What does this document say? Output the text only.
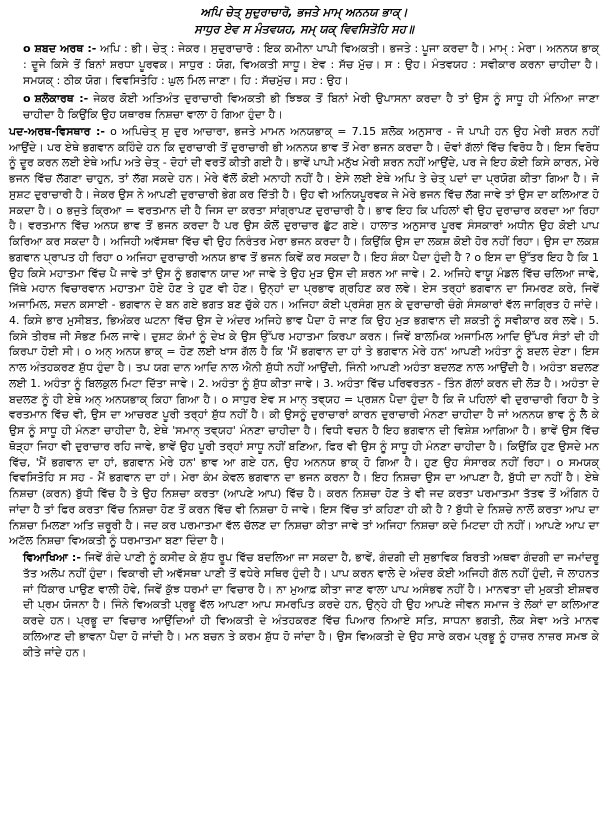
ਅਪਿ ਚੇਤ੍ ਸੁਦੁਰਾਚਾਰੋ, ਭਜਤੇ ਮਾਮ੍ ਅਨਨਯ ਭਾਕ੍।

ਸਾਧੁਰ ਏਵ ਸ ਮੰਤਵਯਹ, ਸਮ੍ ਯਕ੍ ਵਿਵਸਿਤੋਹਿ ਸਹ॥

o ਸ਼ਬਦ ਅਰਥ :- ਅਪਿ : ਭੀ। ਚੇਤ੍ : ਜੇਕਰ। ਸੁਦੁਰਾਚਾਰੋ : ਇਕ ਕਮੀਨਾ ਪਾਪੀ ਵਿਅਕਤੀ। ਭਜਤੇ : ਪੂਜਾ ਕਰਦਾ ਹੈ। ਮਾਮ੍ : ਮੇਰਾ। ਅਨਨਯ ਭਾਕ੍ : ਦੂਜੇ ਕਿਸੇ ਤੋਂ ਬਿਨਾਂ ਸ਼ਰਧਾ ਪੂਰਵਕ। ਸਾਧੁਰ : ਯੋਗ, ਵਿਅਕਤੀ ਸਾਧੂ। ਏਵ : ਸੱਚ ਮੁੱਚ। ਸ : ਉਹ। ਮੰਤਵਯਹ : ਸਵੀਕਾਰ ਕਰਨਾ ਚਾਹੀਦਾ ਹੈ। ਸਮਯਕ੍ : ਠੀਕ ਯੋਗ। ਵਿਵਸਿਤੋਹਿ : ਘੁਲ ਮਿਲ ਜਾਣਾ। ਹਿ : ਸੱਚਮੁੱਚ। ਸਹ : ਉਹ।

o ਸ਼ਲੋਕਾਰਥ :- ਜੇਕਰ ਕੋਈ ਅਤਿਅੰਤ ਦੁਰਾਚਾਰੀ ਵਿਅਕਤੀ ਭੀ ਝਿਝਕ ਤੋਂ ਬਿਨਾਂ ਮੇਰੀ ਉਪਾਸਨਾ ਕਰਦਾ ਹੈ ਤਾਂ ਉਸ ਨੂੰ ਸਾਧੂ ਹੀ ਮੰਨਿਆ ਜਾਣਾ ਚਾਹੀਦਾ ਹੈ ਕਿਉਂਕਿ ਉਹ ਯਥਾਰਥ ਨਿਸ਼ਚਾ ਵਾਲਾ ਹੋ ਗਿਆ ਹੁੰਦਾ ਹੈ।

ਪਦ-ਅਰਥ-ਵਿਸਥਾਰ :- o ਅਪਿਚੇਤ੍ ਸੁ ਦੁਰ ਆਚਾਰਾ, ਭਜਤੇ ਮਾਮਨ ਅਨਯਭਾਕ੍ = 7.15 ਸ਼ਲੋਕ ਅਨੁਸਾਰ - ਜੋ ਪਾਪੀ ਹਨ ਉਹ ਮੇਰੀ ਸ਼ਰਨ ਨਹੀਂ ਆਉਂਦੇ। ਪਰ ਏਥੇ ਭਗਵਾਨ ਕਹਿੰਦੇ ਹਨ ਕਿ ਦੁਰਾਚਾਰੀ ਤੋਂ ਦੁਰਾਚਾਰੀ ਭੀ ਅਨਨਯ ਭਾਵ ਤੋਂ ਮੇਰਾ ਭਜਨ ਕਰਦਾ ਹੈ। ਦੋਵਾਂ ਗੱਲਾਂ ਵਿੱਚ ਵਿਰੋਧ ਹੈ। ਇਸ ਵਿਰੋਧ ਨੂੰ ਦੂਰ ਕਰਨ ਲਈ ਏਥੇ ਅਪਿ ਅਤੇ ਚੇਤ੍ - ਦੋਹਾਂ ਦੀ ਵਰਤੋਂ ਕੀਤੀ ਗਈ ਹੈ। ਭਾਵੇਂ ਪਾਪੀ ਮਨੁੱਖ ਮੇਰੀ ਸ਼ਰਨ ਨਹੀਂ ਆਉਂਦੇ, ਪਰ ਜੇ ਇਹ ਕੋਈ ਕਿਸੇ ਕਾਰਨ, ਮੇਰੇ ਭਜਨ ਵਿੱਚ ਲੱਗਣਾ ਚਾਹੁਨ, ਤਾਂ ਲੱਗ ਸਕਦੇ ਹਨ। ਮੇਰੇ ਵੱਲੋਂ ਕੋਈ ਮਨਾਹੀ ਨਹੀਂ ਹੈ। ਏਸੇ ਲਈ ਏਥੇ ਅਪਿ ਤੇ ਚੇਤ੍ ਪਦਾਂ ਦਾ ਪ੍ਰਯੋਗ ਕੀਤਾ ਗਿਆ ਹੈ। ਜੋ ਸੁਸ਼ਟ ਦੁਰਾਚਾਰੀ ਹੈ। ਜੇਕਰ ਉਸ ਨੇ ਆਪਣੀ ਦੁਰਾਚਾਰੀ ਭੇਗ ਕਰ ਦਿੱਤੀ ਹੈ। ਉਹ ਵੀ ਅਨਿਯਪੂਰਵਕ ਜੇ ਮੇਰੇ ਭਜਨ ਵਿੱਚ ਲੱਗ ਜਾਵੇ ਤਾਂ ਉਸ ਦਾ ਕਲਿਆਣ ਹੋ ਸਕਦਾ ਹੈ। o ਭਜੁਤੇ ਕ੍ਰਿਆ = ਵਰਤਮਾਨ ਦੀ ਹੈ ਜਿਸ ਦਾ ਕਰਤਾ ਸਾਂਗ੍ਰਾਪਣ ਦੁਰਾਚਾਰੀ ਹੈ। ਭਾਵ ਇਹ ਕਿ ਪਹਿਲਾਂ ਵੀ ਉਹ ਦੁਰਾਚਾਰ ਕਰਦਾ ਆ ਰਿਹਾ ਹੈ। ਵਰਤਮਾਨ ਵਿੱਚ ਅਨਯ ਭਾਵ ਤੋਂ ਭਜਨ ਕਰਦਾ ਹੈ ਪਰ ਉਸ ਕੋਲੋਂ ਦੁਰਾਚਾਰ ਛੁੱਟ ਗਏ। ਹਾਲਾਤ ਅਨੁਸਾਰ ਪੂਰਵ ਸੰਸਕਾਰਾਂ ਅਧੀਨ ਉਹ ਕੋਈ ਪਾਪ ਕਿਰਿਆ ਕਰ ਸਕਦਾ ਹੈ। ਅਜਿਹੀ ਅਵੱਸਥਾ ਵਿੱਚ ਵੀ ਉਹ ਨਿਰੰਤਰ ਮੇਰਾ ਭਜਨ ਕਰਦਾ ਹੈ। ਕਿਉਂਕਿ ਉਸ ਦਾ ਲਕਸ਼ ਕੋਈ ਹੋਰ ਨਹੀਂ ਰਿਹਾ। ਉਸ ਦਾ ਲਕਸ਼ ਭਗਵਾਨ ਪ੍ਰਾਪਤ ਹੀ ਰਿਹਾ o ਅਜਿਹਾ ਦੁਰਾਚਾਰੀ ਅਨਯ ਭਾਵ ਤੋਂ ਭਜਨ ਕਿਵੇਂ ਕਰ ਸਕਦਾ ਹੈ। ਇਹ ਸ਼ੰਕਾ ਪੈਦਾ ਹੁੰਦੀ ਹੈ ? o ਇਸ ਦਾ ਉੱਤਰ ਇਹ ਹੈ ਕਿ 1 ਉਹ ਕਿਸੇ ਮਹਾਤਮਾ ਵਿੱਚ ਪੈ ਜਾਵੇ ਤਾਂ ਉਸ ਨੂੰ ਭਗਵਾਨ ਯਾਦ ਆ ਜਾਵੇ ਤੇ ਉਹ ਮੁੜ ਉਸ ਦੀ ਸ਼ਰਨ ਆ ਜਾਵੇ। 2. ਅਜਿਹੇ ਵਾਯੂ ਮੰਡਲ ਵਿੱਚ ਚਲਿਆ ਜਾਵੇ, ਜਿੱਥੇ ਮਹਾਨ ਵਿਚਾਰਵਾਨ ਮਹਾਤਮਾ ਹੋਏ ਹੋਣ ਤੇ ਹੁਣ ਵੀ ਹੋਣ। ਉਨ੍ਹਾਂ ਦਾ ਪ੍ਰਭਾਵ ਗ੍ਰਹਿਣ ਕਰ ਲਵੇ। ਏਸ ਤਰ੍ਹਾਂ ਭਗਵਾਨ ਦਾ ਸਿਮਰਣ ਕਰੇ, ਜਿਵੇਂ ਅਜਾਮਿਲ, ਸਦਨ ਕਸਾਈ - ਭਗਵਾਨ ਦੇ ਬਨ ਗਏ ਭਗਤ ਬਣ ਚੁੱਕੇ ਹਨ। ਅਜਿਹਾ ਕੋਈ ਪ੍ਰਸੰਗ ਸੁਨ ਕੇ ਦੁਰਾਚਾਰੀ ਚੰਗੇ ਸੰਸਕਾਰਾਂ ਵੱਲ ਜਾਗ੍ਰਿਤ ਹੋ ਜਾਂਦੇ। 4. ਕਿਸੇ ਭਾਰ ਮੁਸੀਬਤ, ਭਿਅੰਕਰ ਘਟਨਾ ਵਿੱਚ ਉਸ ਦੇ ਅੰਦਰ ਅਜਿਹੇ ਭਾਵ ਪੈਦਾ ਹੋ ਜਾਣ ਕਿ ਉਹ ਮੁੜ ਭਗਵਾਨ ਦੀ ਸ਼ਕਤੀ ਨੂੰ ਸਵੀਕਾਰ ਕਰ ਲਵੇ। 5. ਕਿਸੇ ਤੀਰਥ ਜੀ ਸੋਭਣ ਮਿਲ ਜਾਵੇ। ਦੁਸ਼ਟ ਕੰਮਾਂ ਨੂੰ ਦੇਖ ਕੇ ਉਸ ਉੱਪਰ ਮਹਾਤਮਾ ਕਿਰਪਾ ਕਰਨ। ਜਿਵੇਂ ਬਾਲਮਿਕ ਅਜਾਮਿਲ ਆਦਿ ਉੱਪਰ ਸੰਤਾਂ ਦੀ ਹੀ ਕਿਰਪਾ ਹੋਈ ਸੀ। o ਅਨ੍ ਅਨਯ ਭਾਕ੍ = ਹੋਣ ਲਈ ਖਾਸ ਗੱਲ ਹੈ ਕਿ 'ਮੈਂ ਭਗਵਾਨ ਦਾ ਹਾਂ ਤੇ ਭਗਵਾਨ ਮੇਰੇ ਹਨ' ਆਪਣੀ ਅਹੰਤਾ ਨੂੰ ਬਦਲ ਦੇਣਾ। ਇਸ ਨਾਲ ਅੰਤਹਕਰਣ ਸ਼ੁੱਧ ਹੁੰਦਾ ਹੈ। ਤਪ ਯਗ ਦਾਨ ਆਦਿ ਨਾਲ ਐਨੀ ਸ਼ੁੱਧੀ ਨਹੀਂ ਆਉਂਦੀ, ਜਿੰਨੀ ਆਪਣੀ ਅਹੰਤਾ ਬਦਲਣ ਨਾਲ ਆਉਂਦੀ ਹੈ। ਅਹੰਤਾ ਬਦਲਣ ਲਈ 1. ਅਹੰਤਾ ਨੂੰ ਬਿਲਕੁਲ ਮਿਟਾ ਦਿੱਤਾ ਜਾਵੇ। 2. ਅਹੰਤਾ ਨੂੰ ਸ਼ੁੱਧ ਕੀਤਾ ਜਾਵੇ। 3. ਅਹੰਤਾ ਵਿੱਚ ਪਰਿਵਰਤਨ - ਤਿੰਨ ਗੱਲਾਂ ਕਰਨ ਦੀ ਲੋੜ ਹੈ। ਅਹੰਤਾ ਦੇ ਬਦਲਣ ਨੂੰ ਹੀ ਏਥੇ ਅਨ੍ ਅਨਯਭਾਕ੍ ਕਿਹਾ ਗਿਆ ਹੈ। o ਸਾਧੁਰ ਏਵ ਸ ਮਾਨ੍ ਤਵ੍ਯਹ = ਪ੍ਰਸ਼ਨ ਪੈਦਾ ਹੁੰਦਾ ਹੈ ਕਿ ਜੋ ਪਹਿਲਾਂ ਵੀ ਦੁਰਾਚਾਰੀ ਰਿਹਾ ਹੈ ਤੇ ਵਰਤਮਾਨ ਵਿੱਚ ਵੀ, ਉਸ ਦਾ ਆਚਰਣ ਪੂਰੀ ਤਰ੍ਹਾਂ ਸ਼ੁੱਧ ਨਹੀਂ ਹੈ। ਕੀ ਉਸਨੂੰ ਦੁਰਾਚਾਰਾਂ ਕਾਰਨ ਦੁਰਾਚਾਰੀ ਮੰਨਣਾ ਚਾਹੀਦਾ ਹੈ ਜਾਂ ਅਨਨਯ ਭਾਵ ਨੂੰ ਲੈ ਕੇ ਉਸ ਨੂੰ ਸਾਧੂ ਹੀ ਮੰਨਣਾ ਚਾਹੀਦਾ ਹੈ, ਏਥੇ 'ਸਮਾਨ੍ ਤਵ੍ਯਹ' ਮੰਨਣਾ ਚਾਹੀਦਾ ਹੈ। ਵਿਧੀ ਵਚਨ ਹੈ ਇਹ ਭਗਵਾਨ ਦੀ ਵਿਸ਼ੇਸ਼ ਆਗਿਆ ਹੈ। ਭਾਵੇਂ ਉਸ ਵਿੱਚ ਥੋੜ੍ਹਾ ਜਿਹਾ ਵੀ ਦੁਰਾਚਾਰ ਰਹਿ ਜਾਵੇ, ਭਾਵੇਂ ਉਹ ਪੂਰੀ ਤਰ੍ਹਾਂ ਸਾਧੂ ਨਹੀਂ ਬਣਿਆ, ਫਿਰ ਵੀ ਉਸ ਨੂੰ ਸਾਧੂ ਹੀ ਮੰਨਣਾ ਚਾਹੀਦਾ ਹੈ। ਕਿਉਂਕਿ ਹੁਣ ਉਸਦੇ ਮਨ ਵਿੱਚ, 'ਮੈਂ ਭਗਵਾਨ ਦਾ ਹਾਂ, ਭਗਵਾਨ ਮੇਰੇ ਹਨ' ਭਾਵ ਆ ਗਏ ਹਨ, ਉਹ ਅਨਨਯ ਭਾਕ੍ ਹੋ ਗਿਆ ਹੈ। ਹੁਣ ਉਹ ਸੰਸਾਰਕ ਨਹੀਂ ਰਿਹਾ। o ਸਮਯਕ੍ ਵਿਵਸਿਤੋਹਿ ਸ ਸਹ - ਮੈਂ ਭਗਵਾਨ ਦਾ ਹਾਂ। ਮੇਰਾ ਕੰਮ ਕੇਵਲ ਭਗਵਾਨ ਦਾ ਭਜਨ ਕਰਨਾ ਹੈ। ਇਹ ਨਿਸ਼ਚਾ ਉਸ ਦਾ ਆਪਣਾ ਹੈ, ਬੁੱਧੀ ਦਾ ਨਹੀਂ ਹੈ। ਏਥੇ ਨਿਸ਼ਚਾ (ਕਰਨ) ਬੁੱਧੀ ਵਿੱਚ ਹੈ ਤੇ ਉਹ ਨਿਸ਼ਚਾ ਕਰਤਾ (ਆਪਣੇ ਆਪ) ਵਿੱਚ ਹੈ। ਕਰਨ ਨਿਸ਼ਚਾ ਹੋਣ ਤੇ ਵੀ ਜਦ ਕਰਤਾ ਪਰਮਾਤਮਾ ਤੱਤਵ ਤੋਂ ਅੰਗਿਨ ਹੋ ਜਾਂਦਾ ਹੈ ਤਾਂ ਫਿਰ ਕਰਤਾ ਵਿੱਚ ਨਿਸ਼ਚਾ ਹੋਣ ਤੋਂ ਕਰਨ ਵਿੱਚ ਵੀ ਨਿਸ਼ਚਾ ਹੋ ਜਾਵੇ। ਇਸ ਵਿੱਚ ਤਾਂ ਕਹਿਣਾ ਹੀ ਕੀ ਹੈ ? ਬੁੱਧੀ ਦੇ ਨਿਸ਼ਚੇ ਨਾਲੋਂ ਕਰਤਾ ਆਪ ਦਾ ਨਿਸ਼ਚਾ ਮਿਲਣਾ ਅਤਿ ਜ਼ਰੂਰੀ ਹੈ। ਜਦ ਕਰ ਪਰਮਾਤਮਾ ਵੱਲ ਚੱਲਣ ਦਾ ਨਿਸ਼ਚਾ ਕੀਤਾ ਜਾਵੇ ਤਾਂ ਅਜਿਹਾ ਨਿਸ਼ਚਾ ਕਦੇ ਮਿਟਦਾ ਹੀ ਨਹੀਂ। ਆਪਣੇ ਆਪ ਦਾ ਅਟੱਲ ਨਿਸ਼ਚਾ ਵਿਅਕਤੀ ਨੂੰ ਧਰਮਾਤਮਾ ਬਣਾ ਦਿੰਦਾ ਹੈ।

ਵਿਆਖਿਆ :- ਜਿਵੇਂ ਗੰਦੇ ਪਾਣੀ ਨੂੰ ਕਸੀਦ ਕੇ ਸ਼ੁੱਧ ਰੂਪ ਵਿੱਚ ਬਦਲਿਆ ਜਾ ਸਕਦਾ ਹੈ, ਭਾਵੇਂ, ਗੰਦਗੀ ਦੀ ਸੁਭਾਵਿਕ ਬਿਰਤੀ ਅਥਵਾ ਗੰਦਗੀ ਦਾ ਜਮਾਂਦਰੂ ਤੱਤ ਅਲੋਪ ਨਹੀਂ ਹੁੰਦਾ। ਵਿਕਾਰੀ ਦੀ ਅਵੱਸਥਾ ਪਾਣੀ ਤੋਂ ਵਧੇਰੇ ਸਥਿਰ ਹੁੰਦੀ ਹੈ। ਪਾਪ ਕਰਨ ਵਾਲੇ ਦੇ ਅੰਦਰ ਕੋਈ ਅਜਿਹੀ ਗੱਲ ਨਹੀਂ ਹੁੰਦੀ, ਜੋ ਲਾਹਨਤ ਜਾਂ ਧਿੱਕਾਰ ਪਾਉਣ ਵਾਲੀ ਹੋਵੇ, ਜਿਵੇਂ ਕੁੱਝ ਧਰਮਾਂ ਦਾ ਵਿਚਾਰ ਹੈ। ਨਾ ਮੁਆਫ਼ ਕੀਤਾ ਜਾਣ ਵਾਲਾ ਪਾਪ ਅਸੰਭਵ ਨਹੀਂ ਹੈ। ਮਾਨਵਤਾ ਦੀ ਮੁਕਤੀ ਈਸ਼ਵਰ ਦੀ ਪ੍ਰਮ ਯੋਜਨਾ ਹੈ। ਜਿੰਨੇ ਵਿਅਕਤੀ ਪ੍ਰਭੂ ਵੱਲ ਆਪਣਾ ਆਪ ਸਮਰਪਿਤ ਕਰਦੇ ਹਨ, ਉਨ੍ਹੇ ਹੀ ਉਹ ਆਪਣੇ ਜੀਵਨ ਸਮਾਜ ਤੇ ਲੋਕਾਂ ਦਾ ਕਲਿਆਣ ਕਰਦੇ ਹਨ। ਪ੍ਰਭੂ ਦਾ ਵਿਚਾਰ ਆਉਂਦਿਆਂ ਹੀ ਵਿਅਕਤੀ ਦੇ ਅੰਤਹਕਰਣ ਵਿੱਚ ਪਿਆਰ ਨਿਆਏ ਸਤਿ, ਸਾਧਨਾ ਭਗਤੀ, ਲੋਕ ਸੇਵਾ ਅਤੇ ਮਾਨਵ ਕਲਿਆਣ ਦੀ ਭਾਵਨਾ ਪੈਦਾ ਹੋ ਜਾਂਦੀ ਹੈ। ਮਨ ਬਚਨ ਤੇ ਕਰਮ ਸ਼ੁੱਧ ਹੋ ਜਾਂਦਾ ਹੈ। ਉਸ ਵਿਅਕਤੀ ਦੇ ਉਹ ਸਾਰੇ ਕਰਮ ਪ੍ਰਭੂ ਨੂੰ ਹਾਜ਼ਰ ਨਾਜ਼ਰ ਸਮਝ ਕੇ ਕੀਤੇ ਜਾਂਦੇ ਹਨ।
